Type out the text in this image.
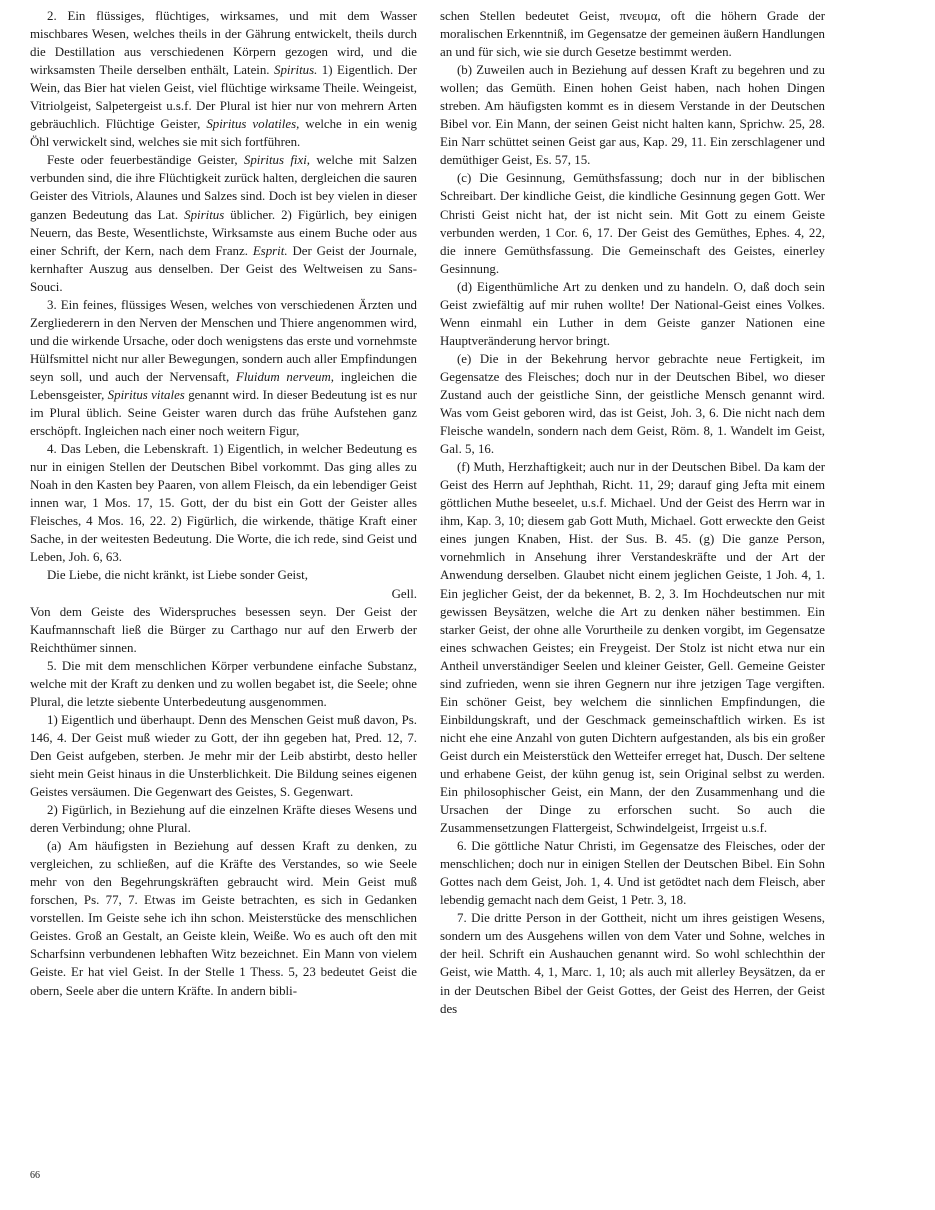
2. Ein flüssiges, flüchtiges, wirksames, und mit dem Wasser mischbares Wesen, welches theils in der Gährung entwickelt, theils durch die Destillation aus verschiedenen Körpern gezogen wird, und die wirksamsten Theile derselben enthält, Latein. Spiritus. 1) Eigentlich. Der Wein, das Bier hat vielen Geist, viel flüchtige wirksame Theile. Weingeist, Vitriolgeist, Salpetergeist u.s.f. Der Plural ist hier nur von mehrern Arten gebräuchlich. Flüchtige Geister, Spiritus volatiles, welche in ein wenig Öhl verwickelt sind, welches sie mit sich fortführen.

Feste oder feuerbeständige Geister, Spiritus fixi, welche mit Salzen verbunden sind, die ihre Flüchtigkeit zurück halten, dergleichen die sauren Geister des Vitriols, Alaunes und Salzes sind. Doch ist bey vielen in dieser ganzen Bedeutung das Lat. Spiritus üblicher. 2) Figürlich, bey einigen Neuern, das Beste, Wesentlichste, Wirksamste aus einem Buche oder aus einer Schrift, der Kern, nach dem Franz. Esprit. Der Geist der Journale, kernhafter Auszug aus denselben. Der Geist des Weltweisen zu Sans-Souci.

3. Ein feines, flüssiges Wesen, welches von verschiedenen Ärzten und Zergliederern in den Nerven der Menschen und Thiere angenommen wird, und die wirkende Ursache, oder doch wenigstens das erste und vornehmste Hülfsmittel nicht nur aller Bewegungen, sondern auch aller Empfindungen seyn soll, und auch der Nervensaft, Fluidum nerveum, ingleichen die Lebensgeister, Spiritus vitales genannt wird. In dieser Bedeutung ist es nur im Plural üblich. Seine Geister waren durch das frühe Aufstehen ganz erschöpft. Ingleichen nach einer noch weitern Figur,

4. Das Leben, die Lebenskraft. 1) Eigentlich, in welcher Bedeutung es nur in einigen Stellen der Deutschen Bibel vorkommt. Das ging alles zu Noah in den Kasten bey Paaren, von allem Fleisch, da ein lebendiger Geist innen war, 1 Mos. 17, 15. Gott, der du bist ein Gott der Geister alles Fleisches, 4 Mos. 16, 22. 2) Figürlich, die wirkende, thätige Kraft einer Sache, in der weitesten Bedeutung. Die Worte, die ich rede, sind Geist und Leben, Joh. 6, 63.

Die Liebe, die nicht kränkt, ist Liebe sonder Geist,

Gell.

Von dem Geiste des Widerspruches besessen seyn. Der Geist der Kaufmannschaft ließ die Bürger zu Carthago nur auf den Erwerb der Reichthümer sinnen.

5. Die mit dem menschlichen Körper verbundene einfache Substanz, welche mit der Kraft zu denken und zu wollen begabet ist, die Seele; ohne Plural, die letzte siebente Unterbedeutung ausgenommen.

1) Eigentlich und überhaupt. Denn des Menschen Geist muß davon, Ps. 146, 4. Der Geist muß wieder zu Gott, der ihn gegeben hat, Pred. 12, 7. Den Geist aufgeben, sterben. Je mehr mir der Leib abstirbt, desto heller sieht mein Geist hinaus in die Unsterblichkeit. Die Bildung seines eigenen Geistes versäumen. Die Gegenwart des Geistes, S. Gegenwart.

2) Figürlich, in Beziehung auf die einzelnen Kräfte dieses Wesens und deren Verbindung; ohne Plural.

(a) Am häufigsten in Beziehung auf dessen Kraft zu denken, zu vergleichen, zu schließen, auf die Kräfte des Verstandes, so wie Seele mehr von den Begehrungskräften gebraucht wird. Mein Geist muß forschen, Ps. 77, 7. Etwas im Geiste betrachten, es sich in Gedanken vorstellen. Im Geiste sehe ich ihn schon. Meisterstücke des menschlichen Geistes. Groß an Gestalt, an Geiste klein, Weiße. Wo es auch oft den mit Scharfsinn verbundenen lebhaften Witz bezeichnet. Ein Mann von vielem Geiste. Er hat viel Geist. In der Stelle 1 Thess. 5, 23 bedeutet Geist die obern, Seele aber die untern Kräfte. In andern bibli-

schen Stellen bedeutet Geist, πνευμα, oft die höhern Grade der moralischen Erkenntniß, im Gegensatze der gemeinen äußern Handlungen an und für sich, wie sie durch Gesetze bestimmt werden.

(b) Zuweilen auch in Beziehung auf dessen Kraft zu begehren und zu wollen; das Gemüth. Einen hohen Geist haben, nach hohen Dingen streben. Am häufigsten kommt es in diesem Verstande in der Deutschen Bibel vor. Ein Mann, der seinen Geist nicht halten kann, Sprichw. 25, 28. Ein Narr schüttet seinen Geist gar aus, Kap. 29, 11. Ein zerschlagener und demüthiger Geist, Es. 57, 15.

(c) Die Gesinnung, Gemüthsfassung; doch nur in der biblischen Schreibart. Der kindliche Geist, die kindliche Gesinnung gegen Gott. Wer Christi Geist nicht hat, der ist nicht sein. Mit Gott zu einem Geiste verbunden werden, 1 Cor. 6, 17. Der Geist des Gemüthes, Ephes. 4, 22, die innere Gemüthsfassung. Die Gemeinschaft des Geistes, einerley Gesinnung.

(d) Eigenthümliche Art zu denken und zu handeln. O, daß doch sein Geist zwiefältig auf mir ruhen wollte! Der National-Geist eines Volkes. Wenn einmahl ein Luther in dem Geiste ganzer Nationen eine Hauptveränderung hervor bringt.

(e) Die in der Bekehrung hervor gebrachte neue Fertigkeit, im Gegensatze des Fleisches; doch nur in der Deutschen Bibel, wo dieser Zustand auch der geistliche Sinn, der geistliche Mensch genannt wird. Was vom Geist geboren wird, das ist Geist, Joh. 3, 6. Die nicht nach dem Fleische wandeln, sondern nach dem Geist, Röm. 8, 1. Wandelt im Geist, Gal. 5, 16.

(f) Muth, Herzhaftigkeit; auch nur in der Deutschen Bibel. Da kam der Geist des Herrn auf Jephthah, Richt. 11, 29; darauf ging Jefta mit einem göttlichen Muthe beseelet, u.s.f. Michael. Und der Geist des Herrn war in ihm, Kap. 3, 10; diesem gab Gott Muth, Michael. Gott erweckte den Geist eines jungen Knaben, Hist. der Sus. B. 45. (g) Die ganze Person, vornehmlich in Ansehung ihrer Verstandeskräfte und der Art der Anwendung derselben. Glaubet nicht einem jeglichen Geiste, 1 Joh. 4, 1. Ein jeglicher Geist, der da bekennet, B. 2, 3. Im Hochdeutschen nur mit gewissen Beysätzen, welche die Art zu denken näher bestimmen. Ein starker Geist, der ohne alle Vorurtheile zu denken vorgibt, im Gegensatze eines schwachen Geistes; ein Freygeist. Der Stolz ist nicht etwa nur ein Antheil unverständiger Seelen und kleiner Geister, Gell. Gemeine Geister sind zufrieden, wenn sie ihren Gegnern nur ihre jetzigen Tage vergiften. Ein schöner Geist, bey welchem die sinnlichen Empfindungen, die Einbildungskraft, und der Geschmack gemeinschaftlich wirken. Es ist nicht ehe eine Anzahl von guten Dichtern aufgestanden, als bis ein großer Geist durch ein Meisterstück den Wetteifer erreget hat, Dusch. Der seltene und erhabene Geist, der kühn genug ist, sein Original selbst zu werden. Ein philosophischer Geist, ein Mann, der den Zusammenhang und die Ursachen der Dinge zu erforschen sucht. So auch die Zusammensetzungen Flattergeist, Schwindelgeist, Irrgeist u.s.f.

6. Die göttliche Natur Christi, im Gegensatze des Fleisches, oder der menschlichen; doch nur in einigen Stellen der Deutschen Bibel. Ein Sohn Gottes nach dem Geist, Joh. 1, 4. Und ist getödtet nach dem Fleisch, aber lebendig gemacht nach dem Geist, 1 Petr. 3, 18.

7. Die dritte Person in der Gottheit, nicht um ihres geistigen Wesens, sondern um des Ausgehens willen von dem Vater und Sohne, welches in der heil. Schrift ein Aushauchen genannt wird. So wohl schlechthin der Geist, wie Matth. 4, 1, Marc. 1, 10; als auch mit allerley Beysätzen, da er in der Deutschen Bibel der Geist Gottes, der Geist des Herren, der Geist des

66
